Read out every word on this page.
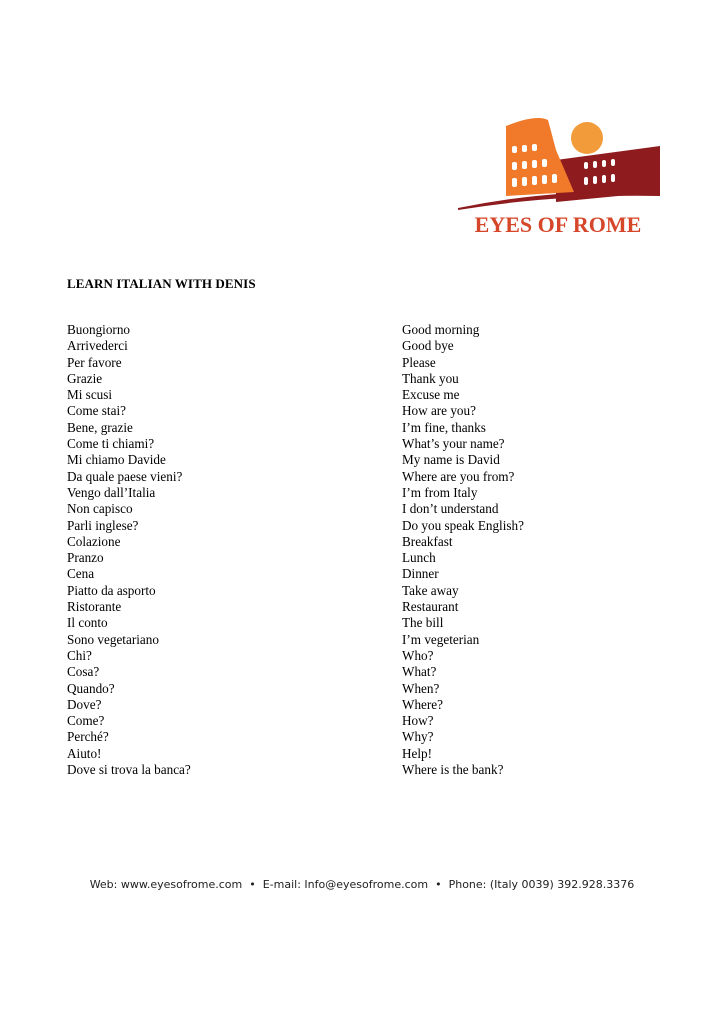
EYES OF ROME
LEARN ITALIAN WITH DENIS
Buongiorno
Arrivederci
Per favore
Grazie
Mi scusi
Come stai?
Bene, grazie
Come ti chiami?
Mi chiamo Davide
Da quale paese vieni?
Vengo dall’Italia
Non capisco
Parli inglese?
Colazione
Pranzo
Cena
Piatto da asporto
Ristorante
Il conto
Sono vegetariano
Chi?
Cosa?
Quando?
Dove?
Come?
Perché?
Aiuto!
Dove si trova la banca?
Good morning
Good bye
Please
Thank you
Excuse me
How are you?
I’m fine, thanks
What’s your name?
My name is David
Where are you from?
I’m from Italy
I don’t understand
Do you speak English?
Breakfast
Lunch
Dinner
Take away
Restaurant
The bill
I’m vegeterian
Who?
What?
When?
Where?
How?
Why?
Help!
Where is the bank?
Web: www.eyesofrome.com • E-mail: Info@eyesofrome.com • Phone: (Italy 0039) 392.928.3376
